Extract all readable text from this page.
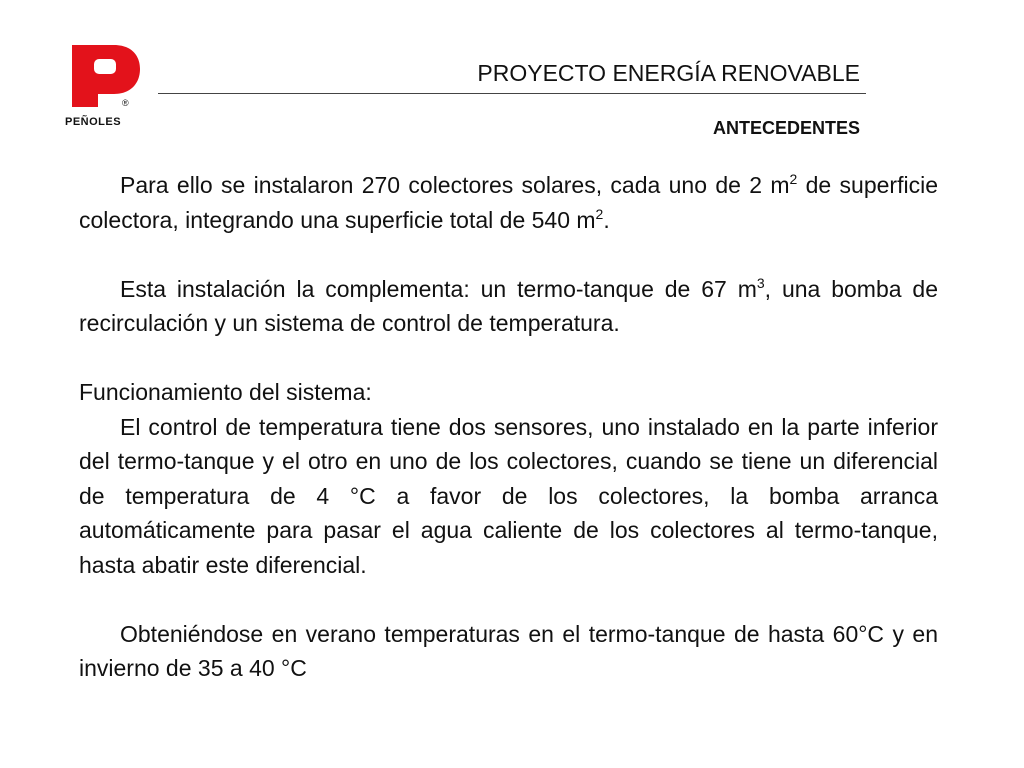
®
PEÑOLES
PROYECTO ENERGÍA RENOVABLE
ANTECEDENTES

Para ello se instalaron 270 colectores solares, cada uno de 2 $m^2$ de superficie colectora, integrando una superficie total de 540 $m^2$.

Esta instalación la complementa: un termo-tanque de 67 $m^3$, una bomba de recirculación y un sistema de control de temperatura.

Funcionamiento del sistema:

El control de temperatura tiene dos sensores, uno instalado en la parte inferior del termo-tanque y el otro en uno de los colectores, cuando se tiene un diferencial de temperatura de 4 °C a favor de los colectores, la bomba arranca automáticamente para pasar el agua caliente de los colectores al termo-tanque, hasta abatir este diferencial.

Obteniéndose en verano temperaturas en el termo-tanque de hasta 60°C y en invierno de 35 a 40 °C
